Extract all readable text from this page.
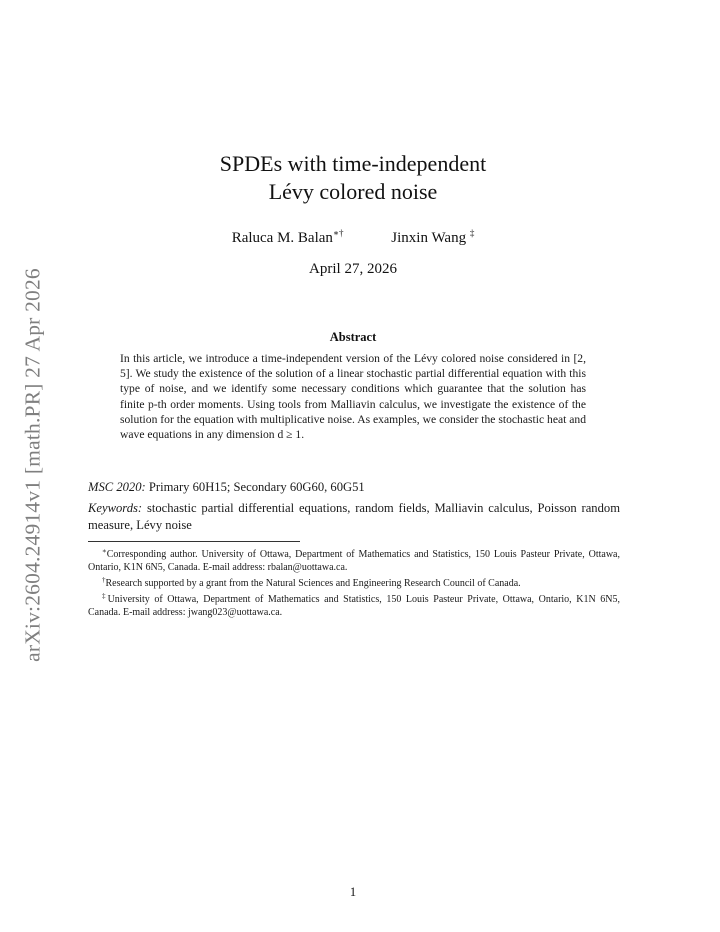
arXiv:2604.24914v1 [math.PR] 27 Apr 2026
SPDEs with time-independent
Lévy colored noise
Raluca M. Balan∗†	Jinxin Wang ‡
April 27, 2026
Abstract
In this article, we introduce a time-independent version of the Lévy colored noise considered in [2, 5]. We study the existence of the solution of a linear stochastic partial differential equation with this type of noise, and we identify some necessary conditions which guarantee that the solution has finite p-th order moments. Using tools from Malliavin calculus, we investigate the existence of the solution for the equation with multiplicative noise. As examples, we consider the stochastic heat and wave equations in any dimension d ≥ 1.
MSC 2020: Primary 60H15; Secondary 60G60, 60G51
Keywords: stochastic partial differential equations, random fields, Malliavin calculus, Poisson random measure, Lévy noise

∗Corresponding author. University of Ottawa, Department of Mathematics and Statistics, 150 Louis Pasteur Private, Ottawa, Ontario, K1N 6N5, Canada. E-mail address: rbalan@uottawa.ca.

†Research supported by a grant from the Natural Sciences and Engineering Research Council of Canada.

‡University of Ottawa, Department of Mathematics and Statistics, 150 Louis Pasteur Private, Ottawa, Ontario, K1N 6N5, Canada. E-mail address: jwang023@uottawa.ca.

1
